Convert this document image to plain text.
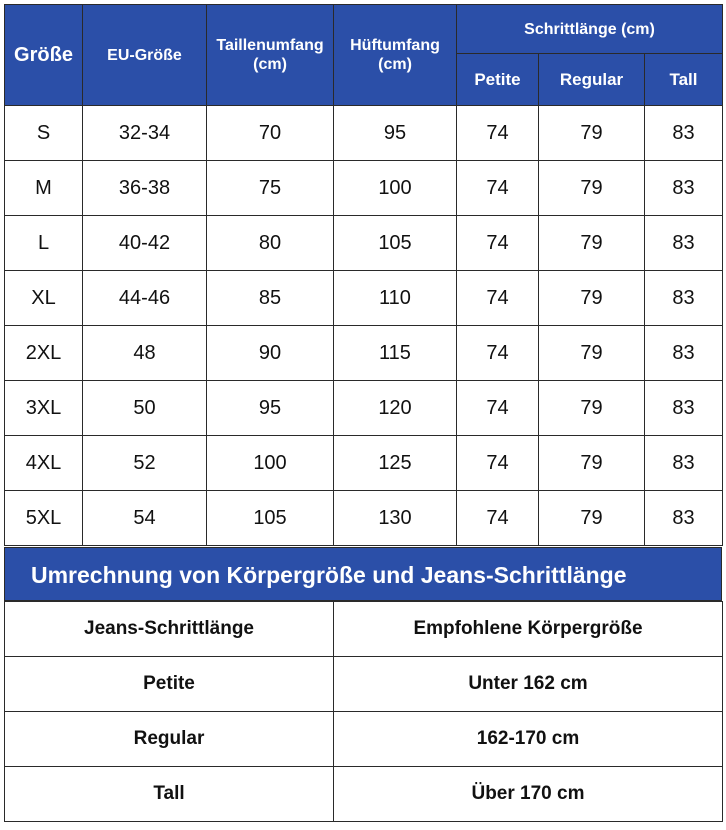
Größe	EU-Größe	Taillenumfang (cm)	Hüftumfang (cm)	Schrittlänge (cm)		
				Petite	Regular	Tall
S	32-34	70	95	74	79	83
M	36-38	75	100	74	79	83
L	40-42	80	105	74	79	83
XL	44-46	85	110	74	79	83
2XL	48	90	115	74	79	83
3XL	50	95	120	74	79	83
4XL	52	100	125	74	79	83
5XL	54	105	130	74	79	83
Umrechnung von Körpergröße und Jeans-Schrittlänge
Jeans-Schrittlänge	Empfohlene Körpergröße
Petite	Unter 162 cm
Regular	162-170 cm
Tall	Über 170 cm
